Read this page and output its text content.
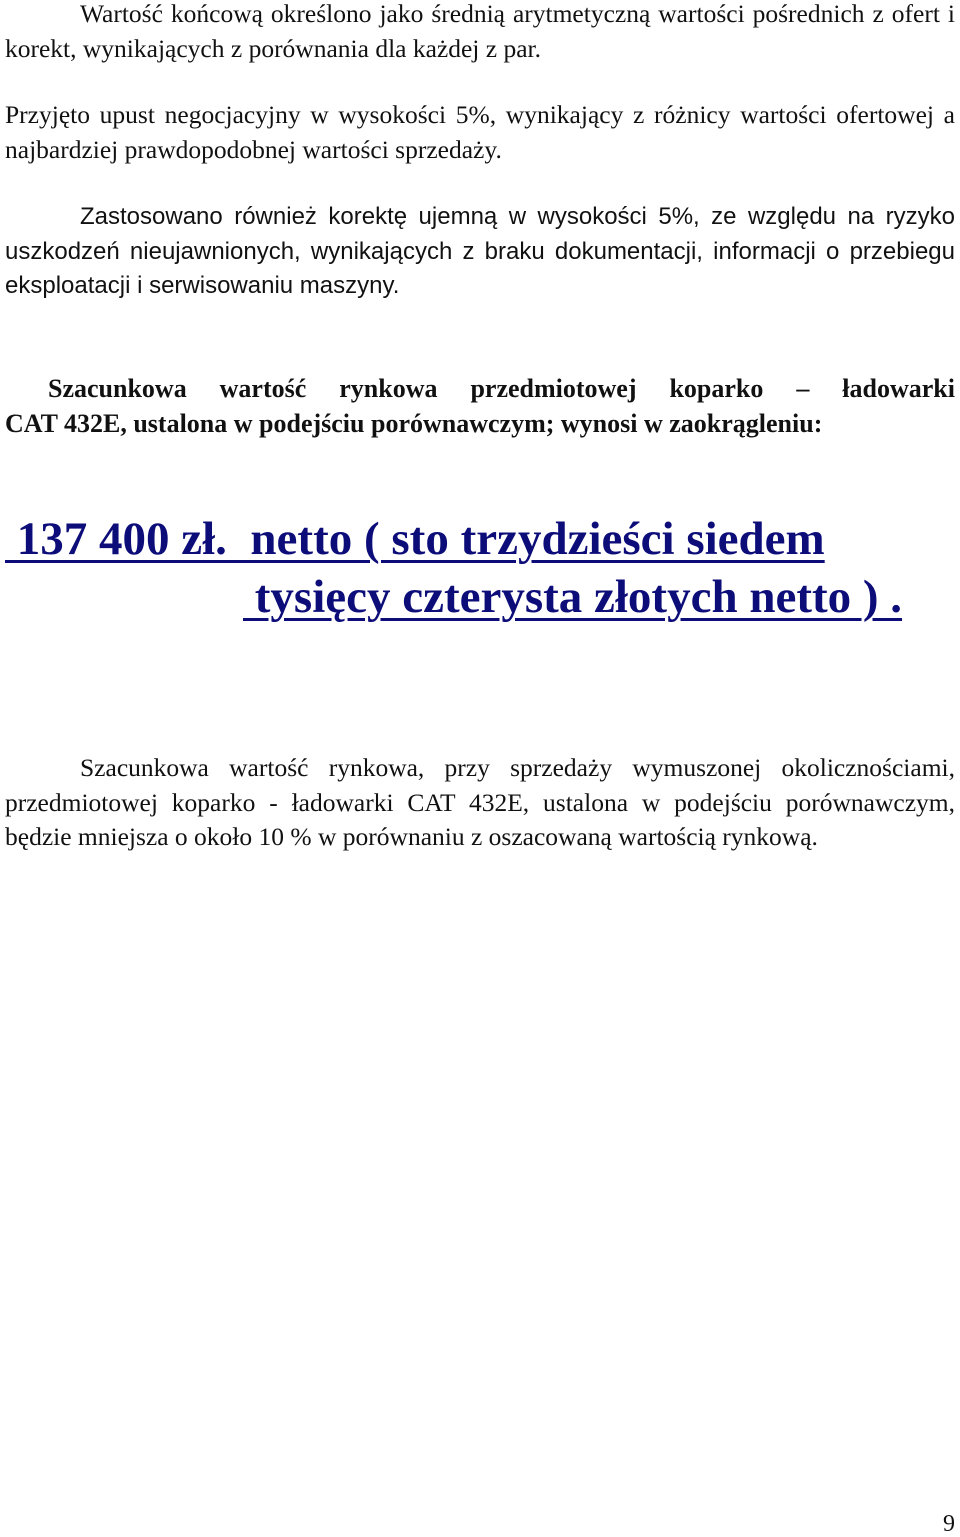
Wartość końcową określono jako średnią arytmetyczną wartości pośrednich z ofert i korekt, wynikających z porównania dla każdej z par.

Przyjęto upust negocjacyjny w wysokości 5%, wynikający z różnicy wartości ofertowej a najbardziej prawdopodobnej wartości sprzedaży.

Zastosowano również korektę ujemną w wysokości 5%, ze względu na ryzyko uszkodzeń nieujawnionych, wynikających z braku dokumentacji, informacji o przebiegu eksploatacji i serwisowaniu maszyny.

Szacunkowa wartość rynkowa przedmiotowej koparko – ładowarki
CAT 432E, ustalona w podejściu porównawczym; wynosi w zaokrągleniu:
137 400 zł.  netto ( sto trzydzieści siedem
tysięcy czterysta złotych netto ) .

Szacunkowa wartość rynkowa, przy sprzedaży wymuszonej okolicznościami, przedmiotowej koparko - ładowarki CAT 432E, ustalona w podejściu porównawczym, będzie mniejsza o około 10 % w porównaniu z oszacowaną wartością rynkową.

9
